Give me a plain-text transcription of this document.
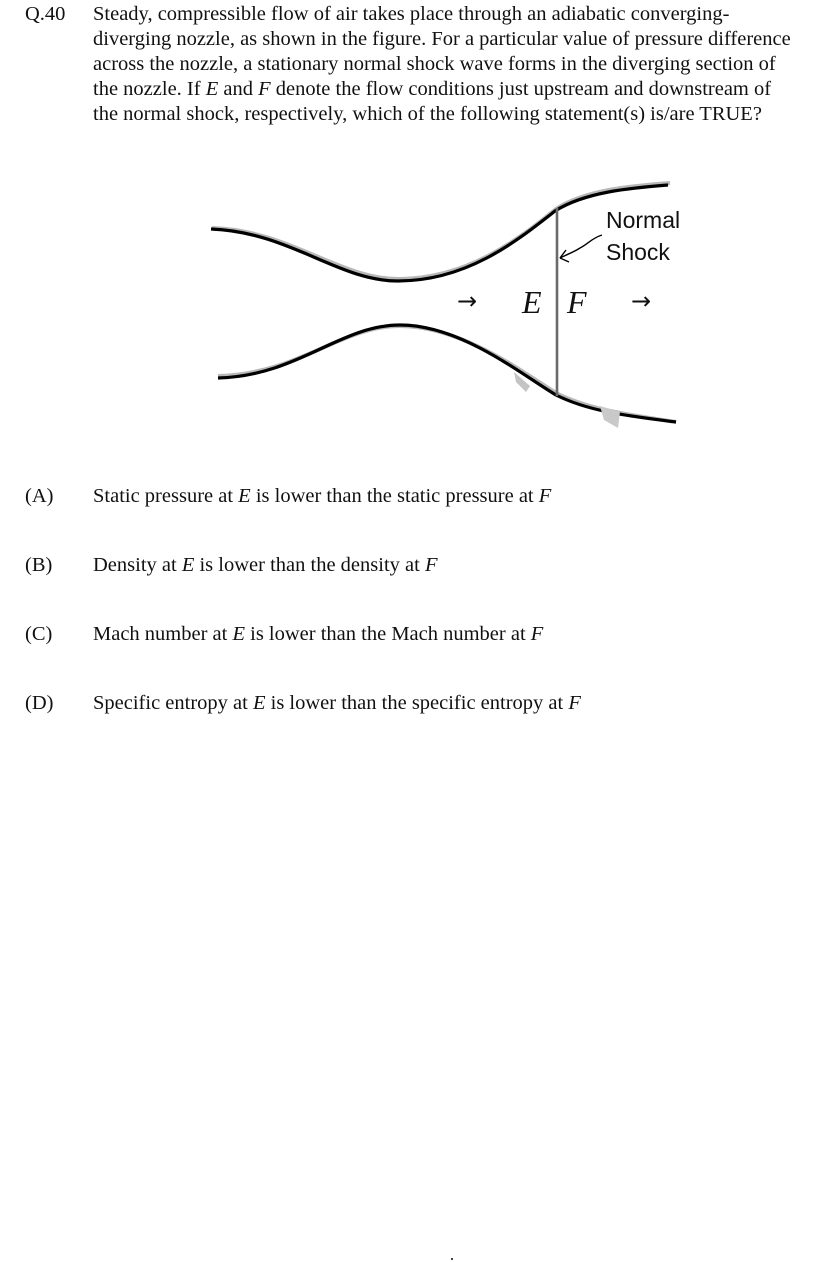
Q.40 Steady, compressible flow of air takes place through an adiabatic converging-

diverging nozzle, as shown in the figure. For a particular value of pressure difference

across the nozzle, a stationary normal shock wave forms in the diverging section of

the nozzle. If E and F denote the flow conditions just upstream and downstream of

the normal shock, respectively, which of the following statement(s) is/are TRUE?

Normal
Shock
→ E F →
(A) Static pressure at E is lower than the static pressure at F
(B) Density at E is lower than the density at F
(C) Mach number at E is lower than the Mach number at F
(D) Specific entropy at E is lower than the specific entropy at F
